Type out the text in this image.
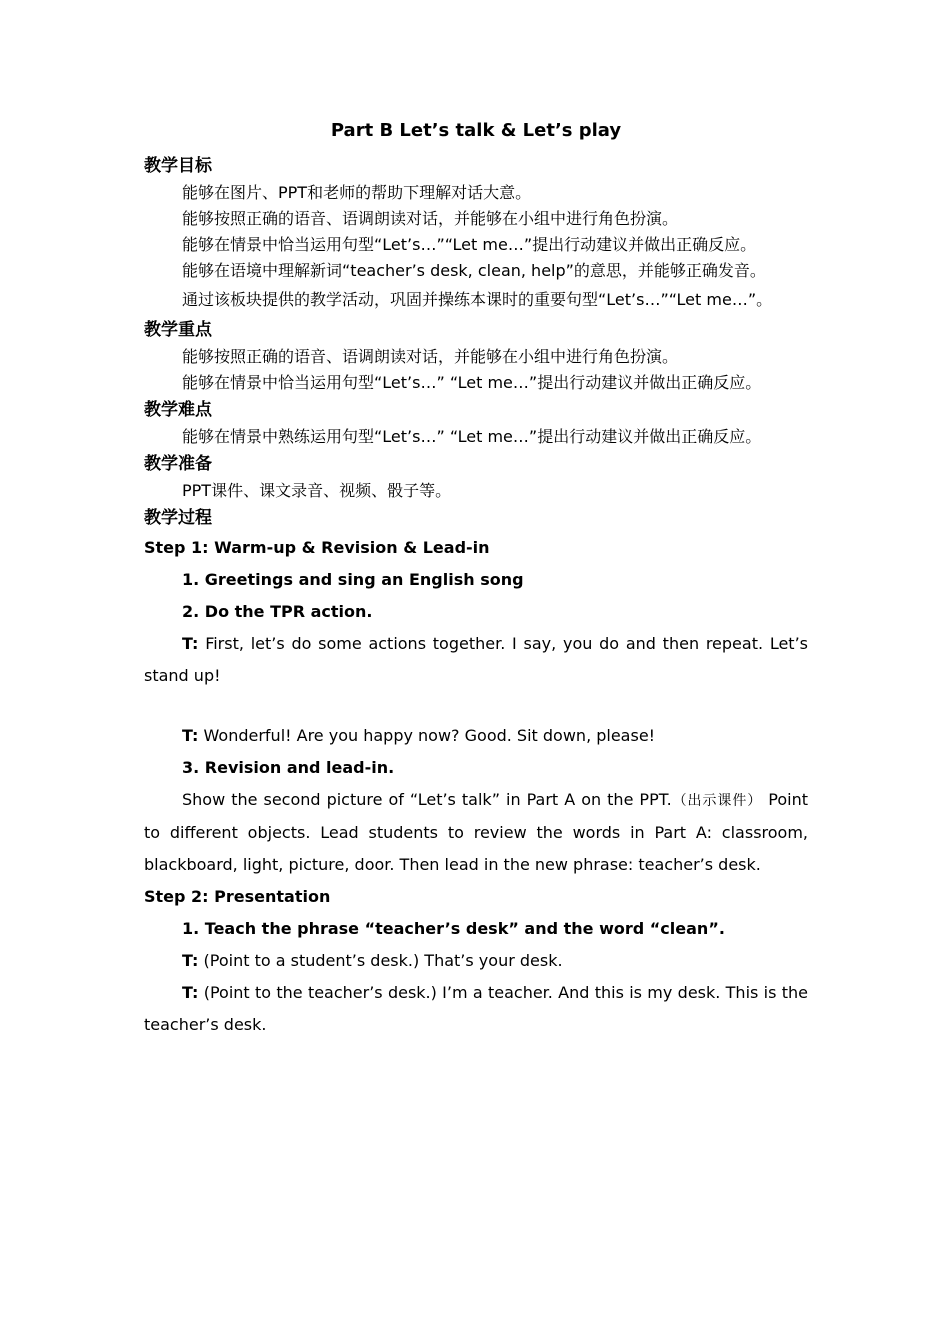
Part B Let’s talk & Let’s play

教学目标

能够在图片、PPT和老师的帮助下理解对话大意。

能够按照正确的语音、语调朗读对话，并能够在小组中进行角色扮演。

能够在情景中恰当运用句型“Let’s…”“Let me…”提出行动建议并做出正确反应。

能够在语境中理解新词“teacher’s desk, clean, help”的意思，并能够正确发音。

通过该板块提供的教学活动，巩固并操练本课时的重要句型“Let’s…”“Let me…”。

教学重点

能够按照正确的语音、语调朗读对话，并能够在小组中进行角色扮演。

能够在情景中恰当运用句型“Let’s…” “Let me…”提出行动建议并做出正确反应。

教学难点

能够在情景中熟练运用句型“Let’s…” “Let me…”提出行动建议并做出正确反应。

教学准备

PPT课件、课文录音、视频、骰子等。

教学过程

Step 1: Warm-up & Revision & Lead-in

1. Greetings and sing an English song

2. Do the TPR action.

T: First, let’s do some actions together. I say, you do and then repeat. Let’s stand up!

T: Wonderful! Are you happy now? Good. Sit down, please!

3. Revision and lead-in.

Show the second picture of “Let’s talk” in Part A on the PPT.（出示课件） Point to different objects. Lead students to review the words in Part A: classroom, blackboard, light, picture, door. Then lead in the new phrase: teacher’s desk.

Step 2: Presentation

1. Teach the phrase “teacher’s desk” and the word “clean”.

T: (Point to a student’s desk.) That’s your desk.

T: (Point to the teacher’s desk.) I’m a teacher. And this is my desk. This is the teacher’s desk.
